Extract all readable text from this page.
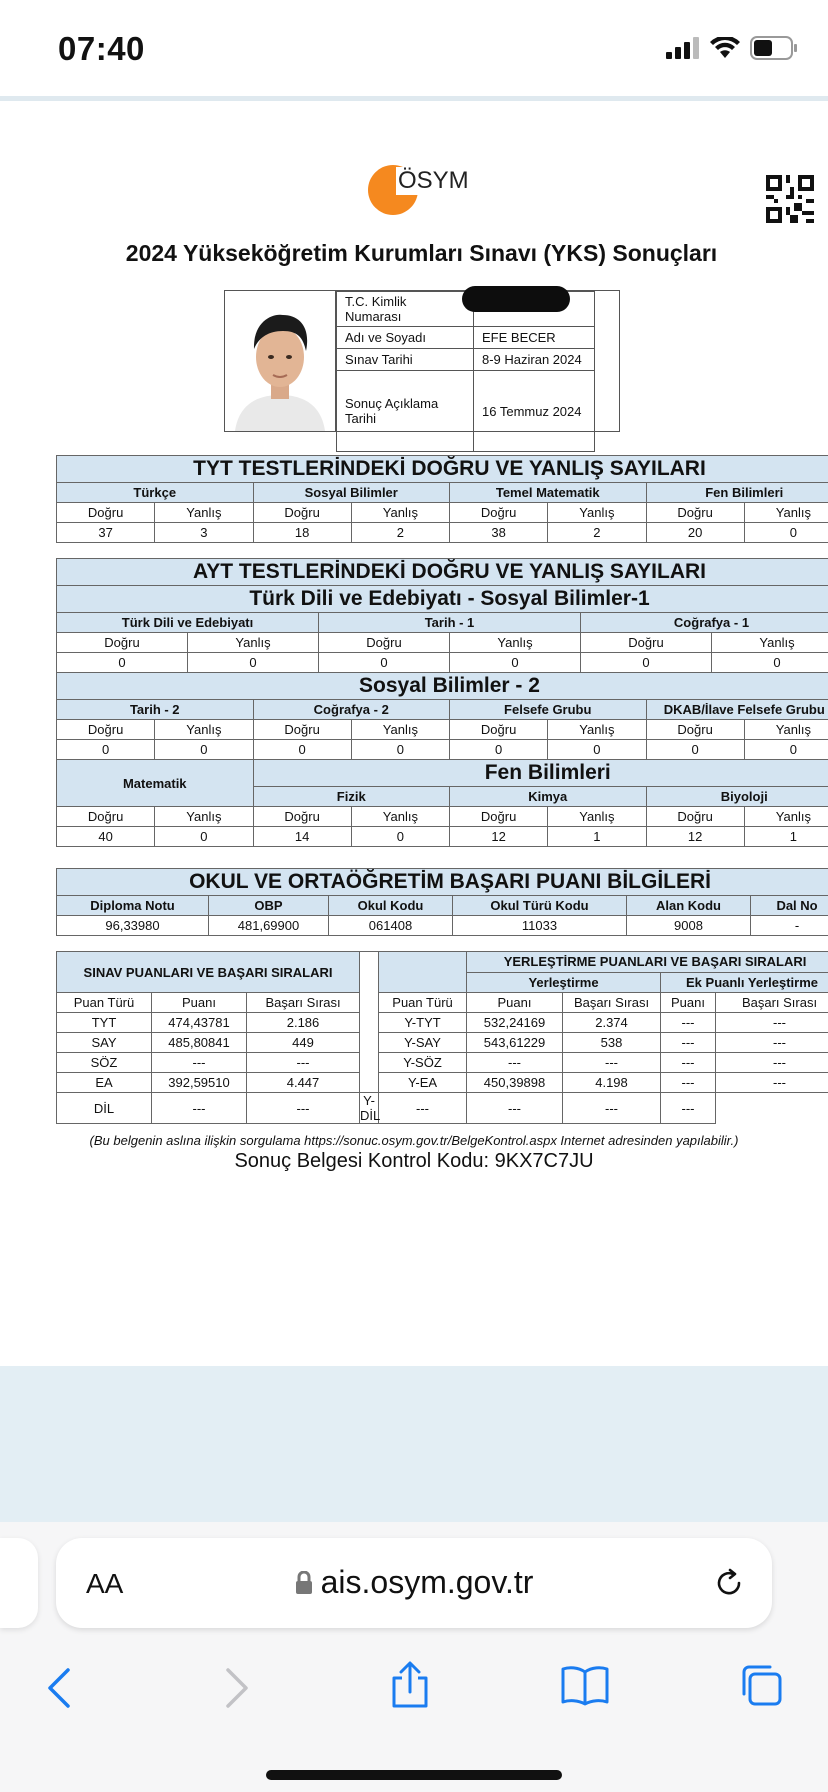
07:40
ÖSYM
2024 Yükseköğretim Kurumları Sınavı (YKS) Sonuçları
T.C. Kimlik Numarası	

Adı ve Soyadı	EFE BECER
Sınav Tarihi	8-9 Haziran 2024
Sonuç Açıklama Tarihi	16 Temmuz 2024
TYT TESTLERİNDEKİ DOĞRU VE YANLIŞ SAYILARI							
Türkçe		Sosyal Bilimler		Temel Matematik		Fen Bilimleri	
Doğru	Yanlış	Doğru	Yanlış	Doğru	Yanlış	Doğru	Yanlış
37	3	18	2	38	2	20	0
AYT TESTLERİNDEKİ DOĞRU VE YANLIŞ SAYILARI											
Türk Dili ve Edebiyatı - Sosyal Bilimler-1											
Türk Dili ve Edebiyatı				Tarih - 1				Coğrafya - 1			
Doğru		Yanlış		Doğru		Yanlış		Doğru		Yanlış	
0		0		0		0		0		0	
Sosyal Bilimler - 2											
Tarih - 2			Coğrafya - 2			Felsefe Grubu			DKAB/İlave Felsefe Grubu		
Doğru	Yanlış		Doğru		Yanlış	Doğru	Yanlış		Doğru		Yanlış
0	0		0		0	0	0		0		0
Matematik			Fen Bilimleri								
			Fizik			Kimya			Biyoloji		
Doğru	Yanlış		Doğru		Yanlış	Doğru	Yanlış		Doğru		Yanlış
40	0		14		0	12	1		12		1
OKUL VE ORTAÖĞRETİM BAŞARI PUANI BİLGİLERİ					
Diploma Notu	OBP	Okul Kodu	Okul Türü Kodu	Alan Kodu	Dal No
96,33980	481,69900	061408	11033	9008	-
SINAV PUANLARI VE BAŞARI SIRALARI					YERLEŞTİRME PUANLARI VE BAŞARI SIRALARI			
					Yerleştirme		Ek Puanlı Yerleştirme	
Puan Türü	Puanı	Başarı Sırası		Puan Türü	Puanı	Başarı Sırası	Puanı	Başarı Sırası
TYT	474,43781	2.186		Y-TYT	532,24169	2.374	---	---
SAY	485,80841	449		Y-SAY	543,61229	538	---	---
SÖZ	---	---		Y-SÖZ	---	---	---	---
EA	392,59510	4.447		Y-EA	450,39898	4.198	---	---
DİL	---	---	Y-DİL	---	---	---	---	
(Bu belgenin aslına ilişkin sorgulama https://sonuc.osym.gov.tr/BelgeKontrol.aspx Internet adresinden yapılabilir.)
Sonuç Belgesi Kontrol Kodu: 9KX7C7JU
AA	ais.osym.gov.tr
